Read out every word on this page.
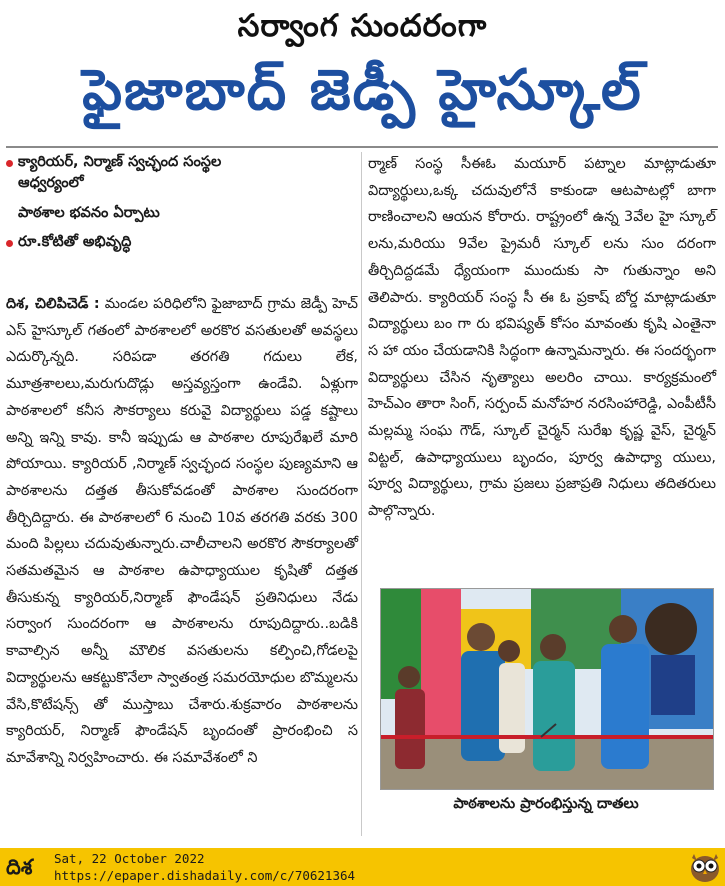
సర్వాంగ సుందరంగా
ఫైజాబాద్ జెడ్పీ హైస్కూల్
క్యారియర్, నిర్మాణ్ స్వచ్ఛంద సంస్థల
ఆధ్వర్యంలో
పాఠశాల భవనం ఏర్పాటు
రూ.కోటితో అభివృద్ధి
దిశ, చిలిపిచెడ్ : మండల పరిధిలోని ఫైజాబాద్ గ్రామ జెడ్పీ హెచ్ ఎస్ హైస్కూల్ గతంలో పాఠశాలలో అరకొర వసతులతో అవస్థలు ఎదుర్కొన్నది. సరిపడా తరగతి గదులు లేక, మూత్రశాలలు,మరుగుదొడ్లు అస్తవ్యస్తంగా ఉండేవి. ఏళ్లుగా పాఠశాలలో కనీస సౌకర్యాలు కరువై విద్యార్థులు పడ్డ కష్టాలు అన్ని ఇన్ని కావు. కానీ ఇప్పుడు ఆ పాఠశాల రూపురేఖలే మారి పోయాయి. క్యారియర్ ,నిర్మాణ్ స్వచ్ఛంద సంస్థల పుణ్యమాని ఆ పాఠశాలను దత్తత తీసుకోవడంతో పాఠశాల సుందరంగా తీర్చిదిద్దారు. ఈ పాఠశాలలో 6 నుంచి 10వ తరగతి వరకు 300 మంది పిల్లలు చదువుతున్నారు.చాలీచాలని అరకొర సౌకర్యాలతో సతమతమైన ఆ పాఠశాల ఉపాధ్యాయుల కృషితో దత్తత తీసుకున్న క్యారియర్,నిర్మాణ్ ఫౌండేషన్ ప్రతినిధులు నేడు సర్వాంగ సుందరంగా ఆ పాఠశాలను రూపుదిద్దారు..బడికి కావాల్సిన అన్నీ మౌలిక వసతులను కల్పించి,గోడలపై విద్యార్థులను ఆకట్టుకొనేలా స్వాతంత్ర సమరయోధుల బొమ్మలను వేసి,కొటేషన్స్ తో ముస్తాబు చేశారు.శుక్రవారం పాఠశాలను క్యారియర్, నిర్మాణ్ ఫౌండేషన్ బృందంతో ప్రారంభించి స మావేశాన్ని నిర్వహించారు. ఈ సమావేశంలో ని
ర్మాణ్ సంస్థ సీఈఓ మయూర్ పట్నాల మాట్లాడుతూ విద్యార్థులు,ఒక్క చదువులోనే కాకుండా ఆటపాటల్లో బాగా రాణించాలని ఆయన కోరారు. రాష్ట్రంలో ఉన్న 3వేల హై స్కూల్ లను,మరియు 9వేల ప్రైమరీ స్కూల్ లను సుం దరంగా తీర్చిదిద్దడమే ధ్యేయంగా ముందుకు సా గుతున్నాం అని తెలిపారు. క్యారియర్ సంస్థ సీ ఈ ఓ ప్రకాష్ బోర్డ మాట్లాడుతూ విద్యార్థులు బం గా రు భవిష్యత్ కోసం మావంతు కృషి ఎంతైనా స హా యం చేయడానికి సిద్ధంగా ఉన్నామన్నారు. ఈ సందర్భంగా విద్యార్థులు చేసిన నృత్యాలు అలరిం చాయి. కార్యక్రమంలో హెచ్ఎం తారా సింగ్, సర్పంచ్ మనోహర నరసింహారెడ్డి, ఎంపీటీసీ మల్లమ్మ సంఘ గౌడ్, స్కూల్ చైర్మన్ సురేఖ కృష్ణ వైస్, చైర్మన్ విట్టల్, ఉపాధ్యాయులు బృందం, పూర్వ ఉపాధ్యా యులు, పూర్వ విద్యార్థులు, గ్రామ ప్రజలు ప్రజాప్రతి నిధులు తదితరులు పాల్గొన్నారు.
పాఠశాలను ప్రారంభిస్తున్న దాతలు
దిశ	Sat, 22 October 2022
https://epaper.dishadaily.com/c/70621364
